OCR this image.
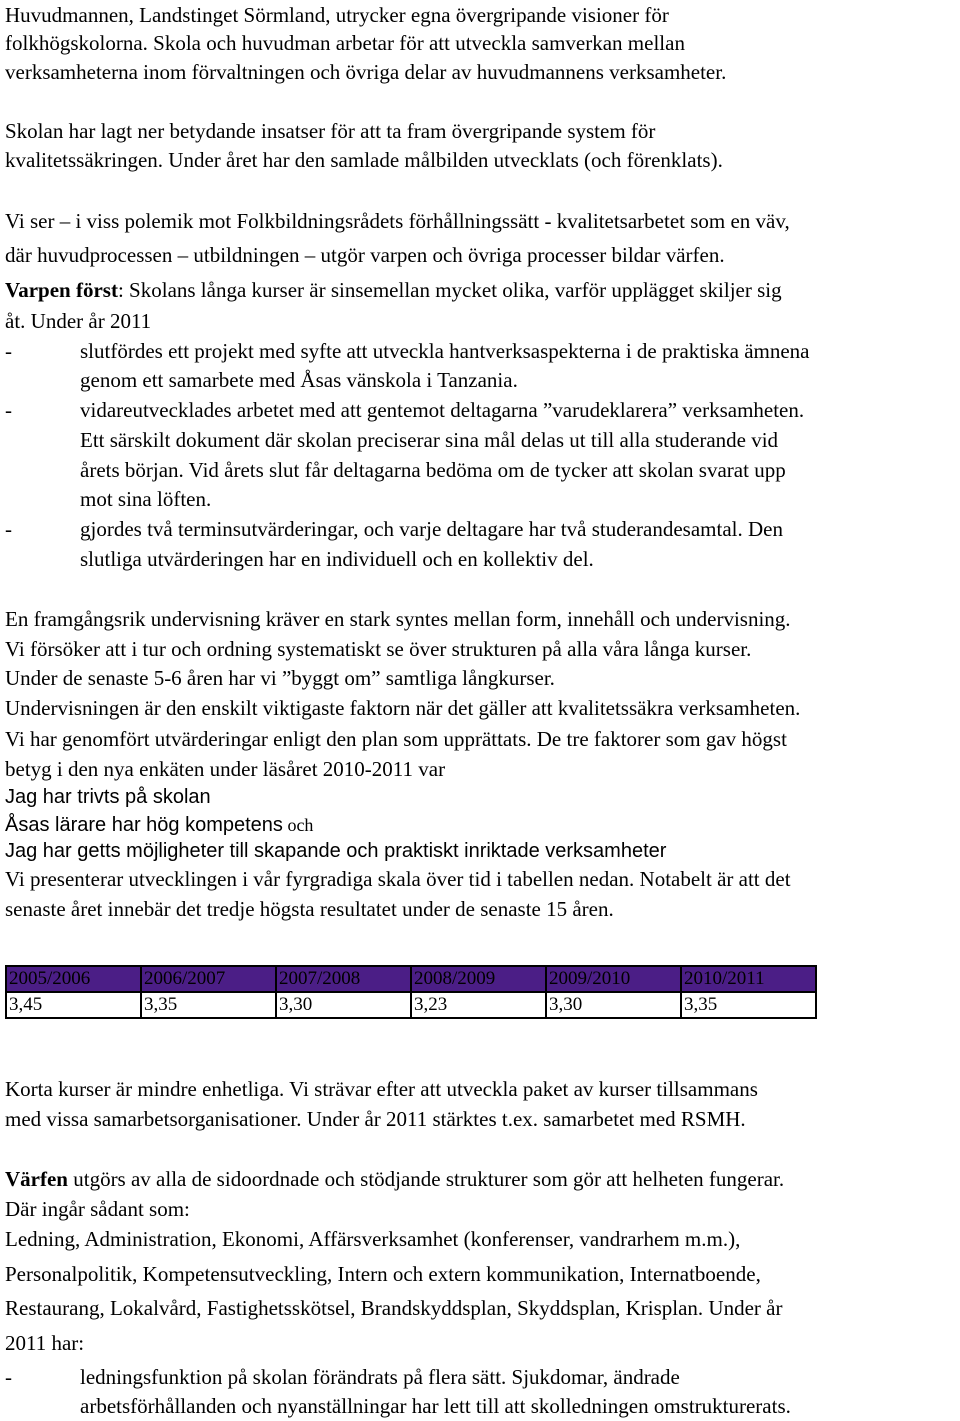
Huvudmannen, Landstinget Sörmland, utrycker egna övergripande visioner för
folkhögskolorna. Skola och huvudman arbetar för att utveckla samverkan mellan
verksamheterna inom förvaltningen och övriga delar av huvudmannens verksamheter.
Skolan har lagt ner betydande insatser för att ta fram övergripande system för
kvalitetssäkringen. Under året har den samlade målbilden utvecklats (och förenklats).
Vi ser – i viss polemik mot Folkbildningsrådets förhållningssätt - kvalitetsarbetet som en väv,
där huvudprocessen – utbildningen – utgör varpen och övriga processer bildar värfen.
Varpen först: Skolans långa kurser är sinsemellan mycket olika, varför upplägget skiljer sig
åt. Under år 2011
-	slutfördes ett projekt med syfte att utveckla hantverksaspekterna i de praktiska ämnena
genom ett samarbete med Åsas vänskola i Tanzania.
-	vidareutvecklades arbetet med att gentemot deltagarna ”varudeklarera” verksamheten.
Ett särskilt dokument där skolan preciserar sina mål delas ut till alla studerande vid
årets början. Vid årets slut får deltagarna bedöma om de tycker att skolan svarat upp
mot sina löften.
-	gjordes två terminsutvärderingar, och varje deltagare har två studerandesamtal. Den
slutliga utvärderingen har en individuell och en kollektiv del.
En framgångsrik undervisning kräver en stark syntes mellan form, innehåll och undervisning.
Vi försöker att i tur och ordning systematiskt se över strukturen på alla våra långa kurser.
Under de senaste 5-6 åren har vi ”byggt om” samtliga långkurser.
Undervisningen är den enskilt viktigaste faktorn när det gäller att kvalitetssäkra verksamheten.
Vi har genomfört utvärderingar enligt den plan som upprättats. De tre faktorer som gav högst
betyg i den nya enkäten under läsåret 2010-2011 var
Jag har trivts på skolan
Åsas lärare har hög kompetens och
Jag har getts möjligheter till skapande och praktiskt inriktade verksamheter
Vi presenterar utvecklingen i vår fyrgradiga skala över tid i tabellen nedan. Notabelt är att det
senaste året innebär det tredje högsta resultatet under de senaste 15 åren.
2005/2006	2006/2007	2007/2008	2008/2009	2009/2010	2010/2011
3,45	3,35	3,30	3,23	3,30	3,35
Korta kurser är mindre enhetliga. Vi strävar efter att utveckla paket av kurser tillsammans
med vissa samarbetsorganisationer. Under år 2011 stärktes t.ex. samarbetet med RSMH.
Värfen utgörs av alla de sidoordnade och stödjande strukturer som gör att helheten fungerar.
Där ingår sådant som:
Ledning, Administration, Ekonomi, Affärsverksamhet (konferenser, vandrarhem m.m.),
Personalpolitik, Kompetensutveckling, Intern och extern kommunikation, Internatboende,
Restaurang, Lokalvård, Fastighetsskötsel, Brandskyddsplan, Skyddsplan, Krisplan. Under år
2011 har:
-	ledningsfunktion på skolan förändrats på flera sätt. Sjukdomar, ändrade
arbetsförhållanden och nyanställningar har lett till att skolledningen omstrukturerats.
